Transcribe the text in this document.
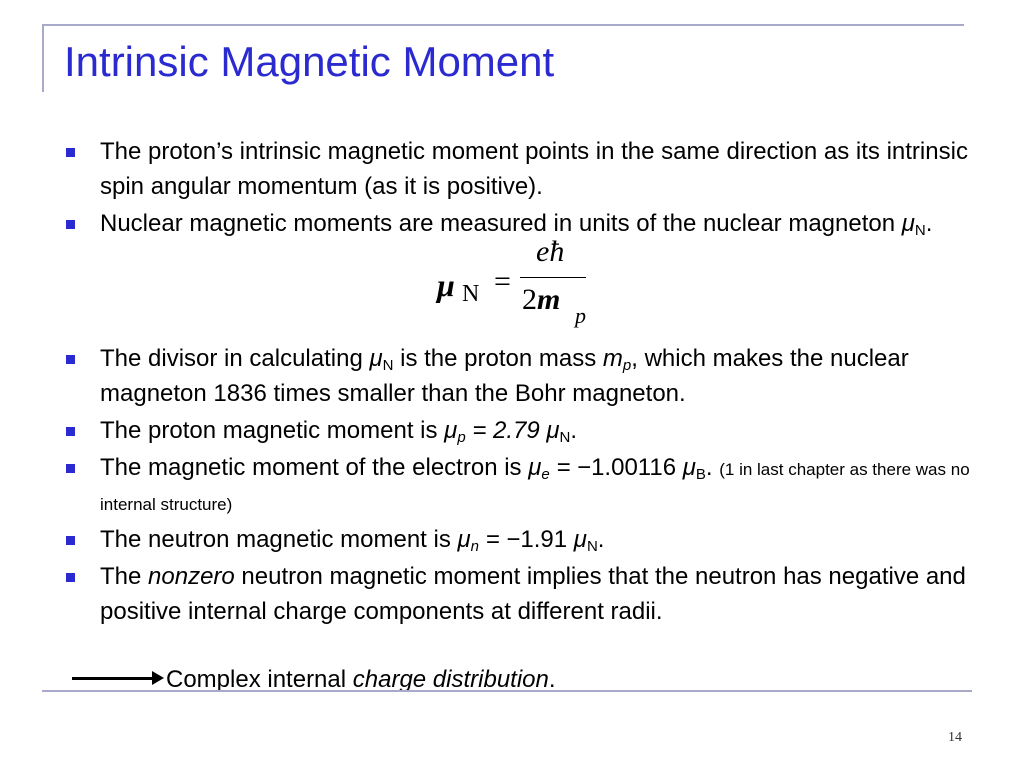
Intrinsic Magnetic Moment
The proton’s intrinsic magnetic moment points in the same direction as its intrinsic spin angular momentum (as it is positive).
Nuclear magnetic moments are measured in units of the nuclear magneton $\mu_N$.
μ N =
eħ
2m p
The divisor in calculating $\mu_N$ is the proton mass $m_p$, which makes the nuclear magneton 1836 times smaller than the Bohr magneton.
The proton magnetic moment is $\mu_p = 2.79$ $\mu_N$.
The magnetic moment of the electron is $\mu_e = -1.00116$ $\mu_B$. (1 in last chapter as there was no internal structure)
The neutron magnetic moment is $\mu_n = -1.91$ $\mu_N$.
The nonzero neutron magnetic moment implies that the neutron has negative and positive internal charge components at different radii.
Complex internal charge distribution.
14
